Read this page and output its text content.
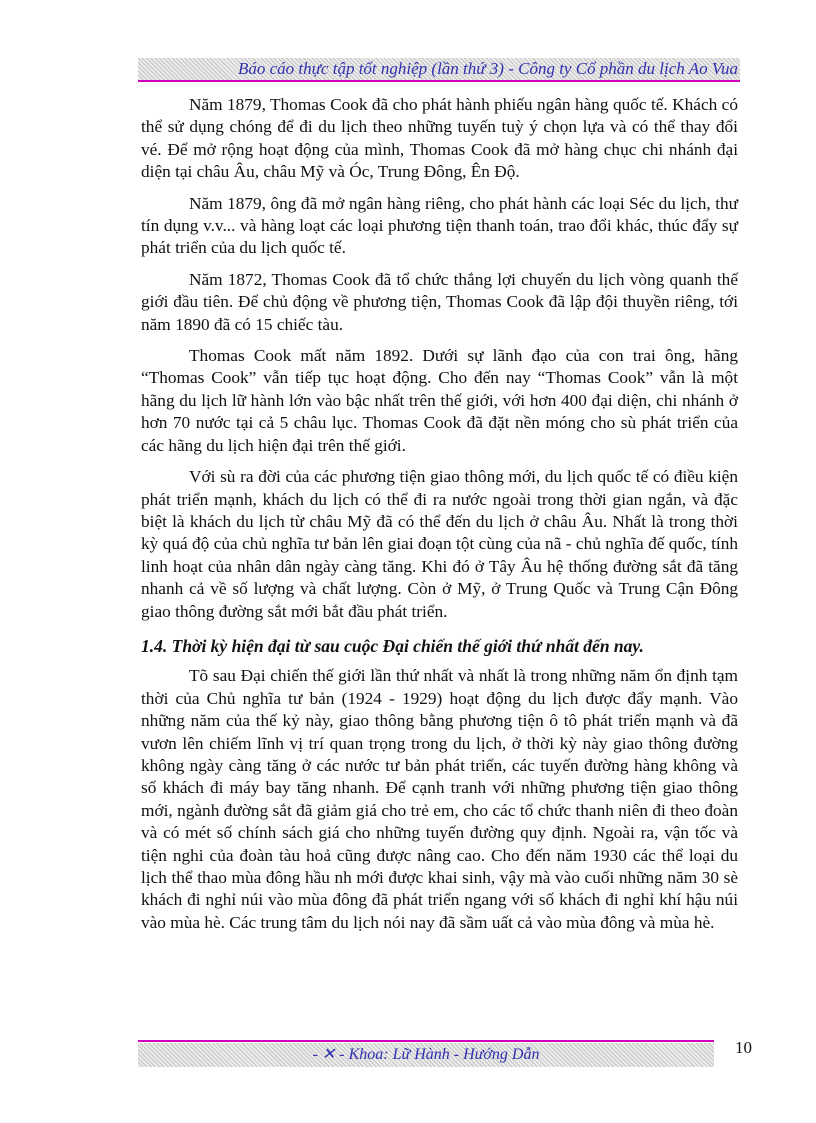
Báo cáo thực tập tốt nghiệp (lần thứ 3) - Công ty Cổ phần du lịch Ao Vua

Năm 1879, Thomas Cook đã cho phát hành phiếu ngân hàng quốc tế. Khách có thể sử dụng chóng để đi du lịch theo những tuyến tuỳ ý chọn lựa và có thể thay đổi vé. Để mở rộng hoạt động của mình, Thomas Cook đã mở hàng chục chi nhánh đại diện tại châu Âu, châu Mỹ và Óc, Trung Đông, Ên Độ.

Năm 1879, ông đã mở ngân hàng riêng, cho phát hành các loại Séc du lịch, thư tín dụng v.v... và hàng loạt các loại phương tiện thanh toán, trao đổi khác, thúc đẩy sự phát triển của du lịch quốc tế.

Năm 1872, Thomas Cook đã tổ chức thắng lợi chuyến du lịch vòng quanh thế giới đầu tiên. Để chủ động về phương tiện, Thomas Cook đã lập đội thuyền riêng, tới năm 1890 đã có 15 chiếc tàu.

Thomas Cook mất năm 1892. Dưới sự lãnh đạo của con trai ông, hãng “Thomas Cook” vẫn tiếp tục hoạt động. Cho đến nay “Thomas Cook” vẫn là một hãng du lịch lữ hành lớn vào bậc nhất trên thế giới, với hơn 400 đại diện, chi nhánh ở hơn 70 nước tại cả 5 châu lục. Thomas Cook đã đặt nền móng cho sù phát triển của các hãng du lịch hiện đại trên thế giới.

Với sù ra đời của các phương tiện giao thông mới, du lịch quốc tế có điều kiện phát triển mạnh, khách du lịch có thể đi ra nước ngoài trong thời gian ngắn, và đặc biệt là khách du lịch từ châu Mỹ đã có thể đến du lịch ở châu Âu. Nhất là trong thời kỳ quá độ của chủ nghĩa tư bản lên giai đoạn tột cùng của nã - chủ nghĩa đế quốc, tính linh hoạt của nhân dân ngày càng tăng. Khi đó ở Tây Âu hệ thống đường sắt đã tăng nhanh cả về số lượng và chất lượng. Còn ở Mỹ, ở Trung Quốc và Trung Cận Đông giao thông đường sắt mới bắt đầu phát triển.

1.4. Thời kỳ hiện đại từ sau cuộc Đại chiến thế giới thứ nhất đến nay.

Tõ sau Đại chiến thế giới lần thứ nhất và nhất là trong những năm ổn định tạm thời của Chủ nghĩa tư bản (1924 - 1929) hoạt động du lịch được đẩy mạnh. Vào những năm của thế kỷ này, giao thông bằng phương tiện ô tô phát triển mạnh và đã vươn lên chiếm lĩnh vị trí quan trọng trong du lịch, ở thời kỳ này giao thông đường không ngày càng tăng ở các nước tư bản phát triển, các tuyến đường hàng không và số khách đi máy bay tăng nhanh. Để cạnh tranh với những phương tiện giao thông mới, ngành đường sắt đã giảm giá cho trẻ em, cho các tổ chức thanh niên đi theo đoàn và có mét số chính sách giá cho những tuyến đường quy định. Ngoài ra, vận tốc và tiện nghi của đoàn tàu hoả cũng được nâng cao. Cho đến năm 1930 các thể loại du lịch thể thao mùa đông hầu nh mới được khai sinh, vậy mà vào cuối những năm 30 sè khách đi nghỉ núi vào mùa đông đã phát triển ngang với số khách đi nghỉ khí hậu núi vào mùa hè. Các trung tâm du lịch nói nay đã sầm uất cả vào mùa đông và mùa hè.

- ✕ - Khoa: Lữ Hành - Hướng Dẫn	10
